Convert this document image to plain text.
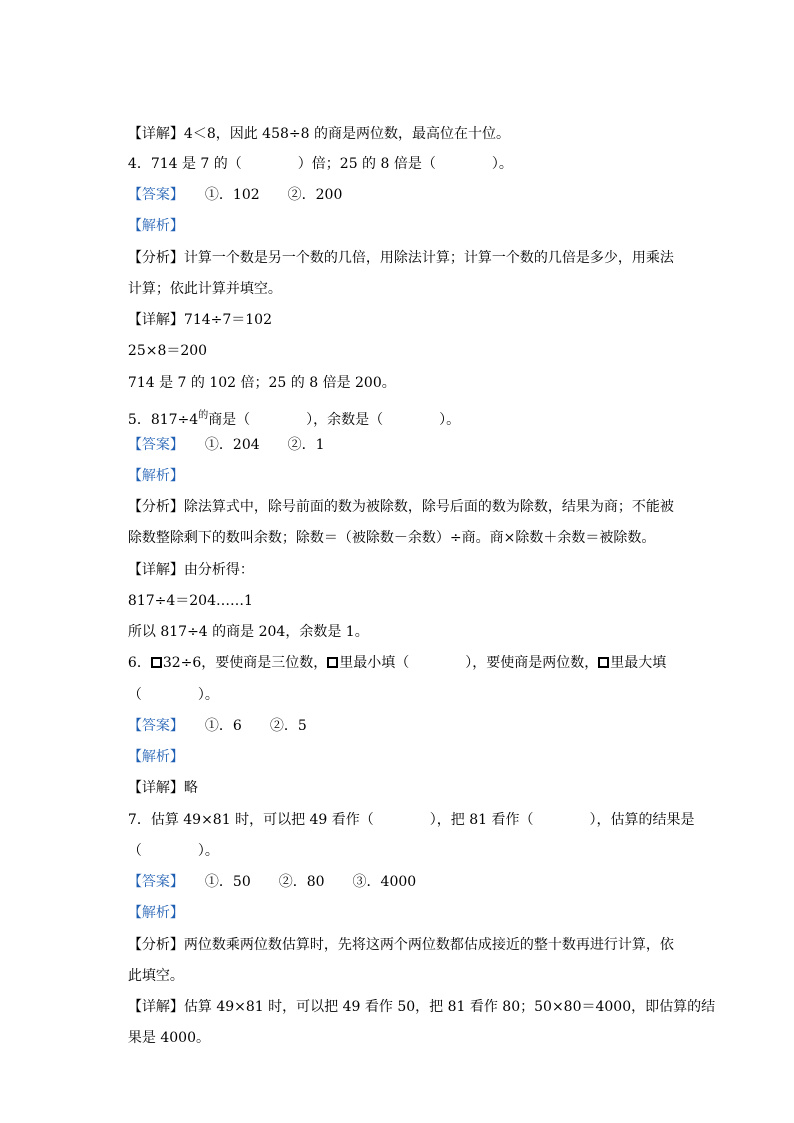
【详解】4＜8，因此 458÷8 的商是两位数，最高位在十位。

4．714 是 7 的（　　　　）倍；25 的 8 倍是（　　　　）。

【答案】　　①．102　　②．200

【解析】

【分析】计算一个数是另一个数的几倍，用除法计算；计算一个数的几倍是多少，用乘法

计算；依此计算并填空。

【详解】714÷7＝102

25×8＝200

714 是 7 的 102 倍；25 的 8 倍是 200。

5．$817\div 4^的$商是（　　　　），余数是（　　　　）。

【答案】　　①．204　　②．1

【解析】

【分析】除法算式中，除号前面的数为被除数，除号后面的数为除数，结果为商；不能被

除数整除剩下的数叫余数；除数＝（被除数－余数）÷商。商×除数＋余数＝被除数。

【详解】由分析得：

817÷4＝204……1

所以 817÷4 的商是 204，余数是 1。

6． 32÷6，要使商是三位数， 里最小填（　　　　），要使商是两位数， 里最大填

（　　　　）。

【答案】　　①．6　　②．5

【解析】

【详解】略

7．估算 49×81 时，可以把 49 看作（　　　　），把 81 看作（　　　　），估算的结果是

（　　　　）。

【答案】　　①．50　　②．80　　③．4000

【解析】

【分析】两位数乘两位数估算时，先将这两个两位数都估成接近的整十数再进行计算，依

此填空。

【详解】估算 49×81 时，可以把 49 看作 50，把 81 看作 80；50×80＝4000，即估算的结

果是 4000。
